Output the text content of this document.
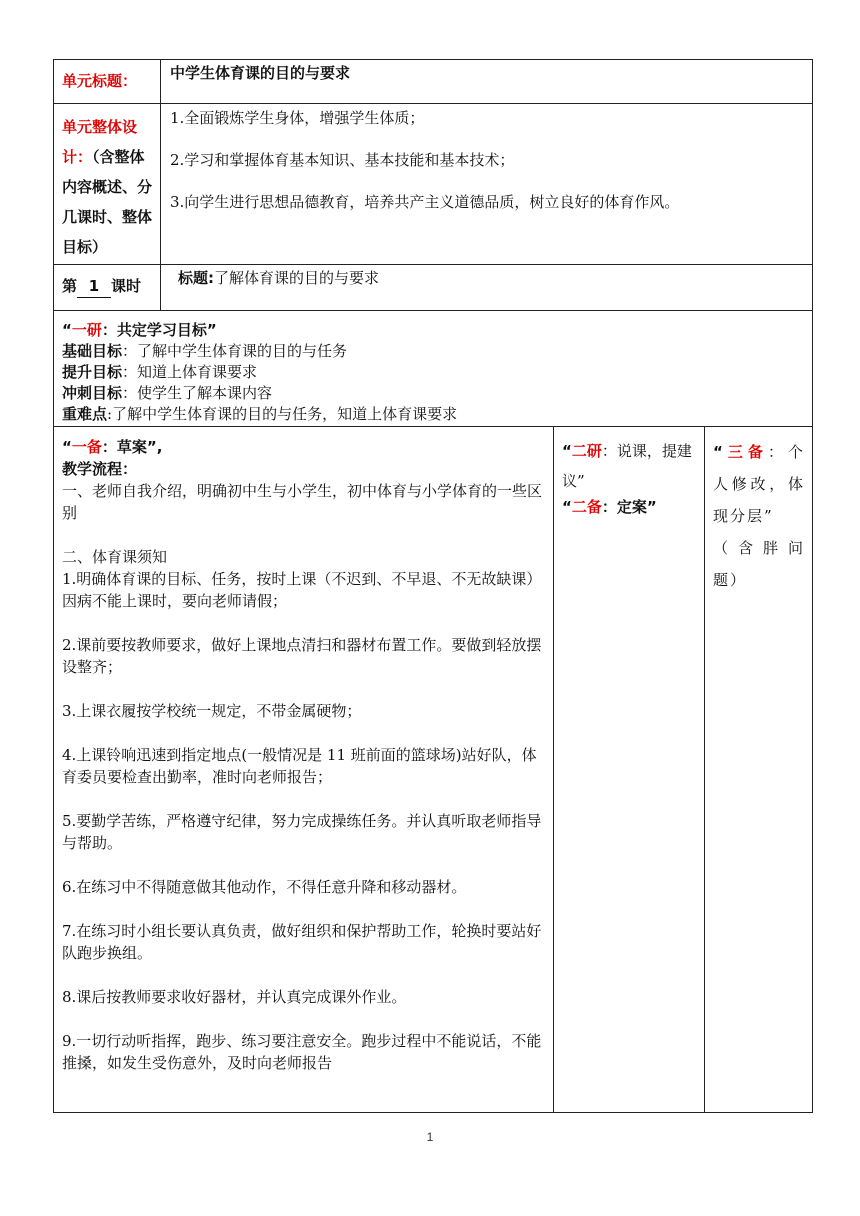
单元标题：	中学生体育课的目的与要求
单元整体设计：（含整体内容概述、分几课时、整体目标）

1.全面锻炼学生身体，增强学生体质；

2.学习和掌握体育基本知识、基本技能和基本技术；

3.向学生进行思想品德教育，培养共产主义道德品质，树立良好的体育作风。

第 1 课时	标题:了解体育课的目的与要求

“一研：共定学习目标”

基础目标：了解中学生体育课的目的与任务

提升目标：知道上体育课要求

冲刺目标：使学生了解本课内容

重难点:了解中学生体育课的目的与任务，知道上体育课要求

“一备：草案”,

教学流程：

一、老师自我介绍，明确初中生与小学生，初中体育与小学体育的一些区别

二、体育课须知

1.明确体育课的目标、任务，按时上课（不迟到、不早退、不无故缺课）因病不能上课时，要向老师请假；

2.课前要按教师要求，做好上课地点清扫和器材布置工作。要做到轻放摆设整齐；

3.上课衣履按学校统一规定，不带金属硬物；

4.上课铃响迅速到指定地点(一般情况是 11 班前面的篮球场)站好队，体育委员要检查出勤率，准时向老师报告；

5.要勤学苦练，严格遵守纪律，努力完成操练任务。并认真听取老师指导与帮助。

6.在练习中不得随意做其他动作，不得任意升降和移动器材。

7.在练习时小组长要认真负责，做好组织和保护帮助工作，轮换时要站好队跑步换组。

8.课后按教师要求收好器材，并认真完成课外作业。

9.一切行动听指挥，跑步、练习要注意安全。跑步过程中不能说话，不能推搡，如发生受伤意外，及时向老师报告

“二研：说课，提建议”

“二备：定案”

“三备：个人修改，体现分层”

（含胖问题）

1
